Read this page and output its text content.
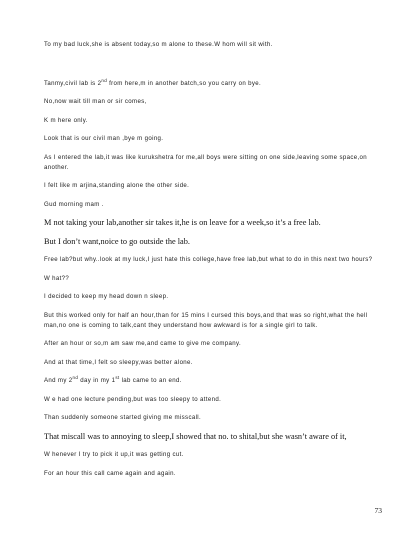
To my bad luck,she is absent today,so m alone to these.W hom will sit with.

Tanmy,civil lab is 2nd from here,m in another batch,so you carry on bye.

No,now wait till man or sir comes,

K m here only.

Look that is our civil man ,bye m going.

As I entered the lab,it was like kurukshetra for me,all boys were sitting on one side,leaving some space,on another.

I felt like m arjina,standing alone the other side.

Gud morning mam .

M not taking your lab,another sir takes it,he is on leave for a week,so it’s a free lab.

But I don’t want,noice to go outside the lab.

Free lab?but why..look at my luck,I just hate this college,have free lab,but what to do in this next two hours?

W hat??

I decided to keep my head down n sleep.

But this worked only for half an hour,than for 15 mins I cursed this boys,and that was so right,what the hell man,no one is coming to talk,cant they understand how awkward is for a single girl to talk.

After an hour or so,m am saw me,and came to give me company.

And at that time,I felt so sleepy,was better alone.

And my 2nd day in my 1st lab came to an end.

W e had one lecture pending,but was too sleepy to attend.

Than suddenly someone started giving me misscall.

That miscall was to annoying to sleep,I showed that no. to shital,but she wasn’t aware of it,

W henever I try to pick it up,it was getting cut.

For an hour this call came again and again.

73
